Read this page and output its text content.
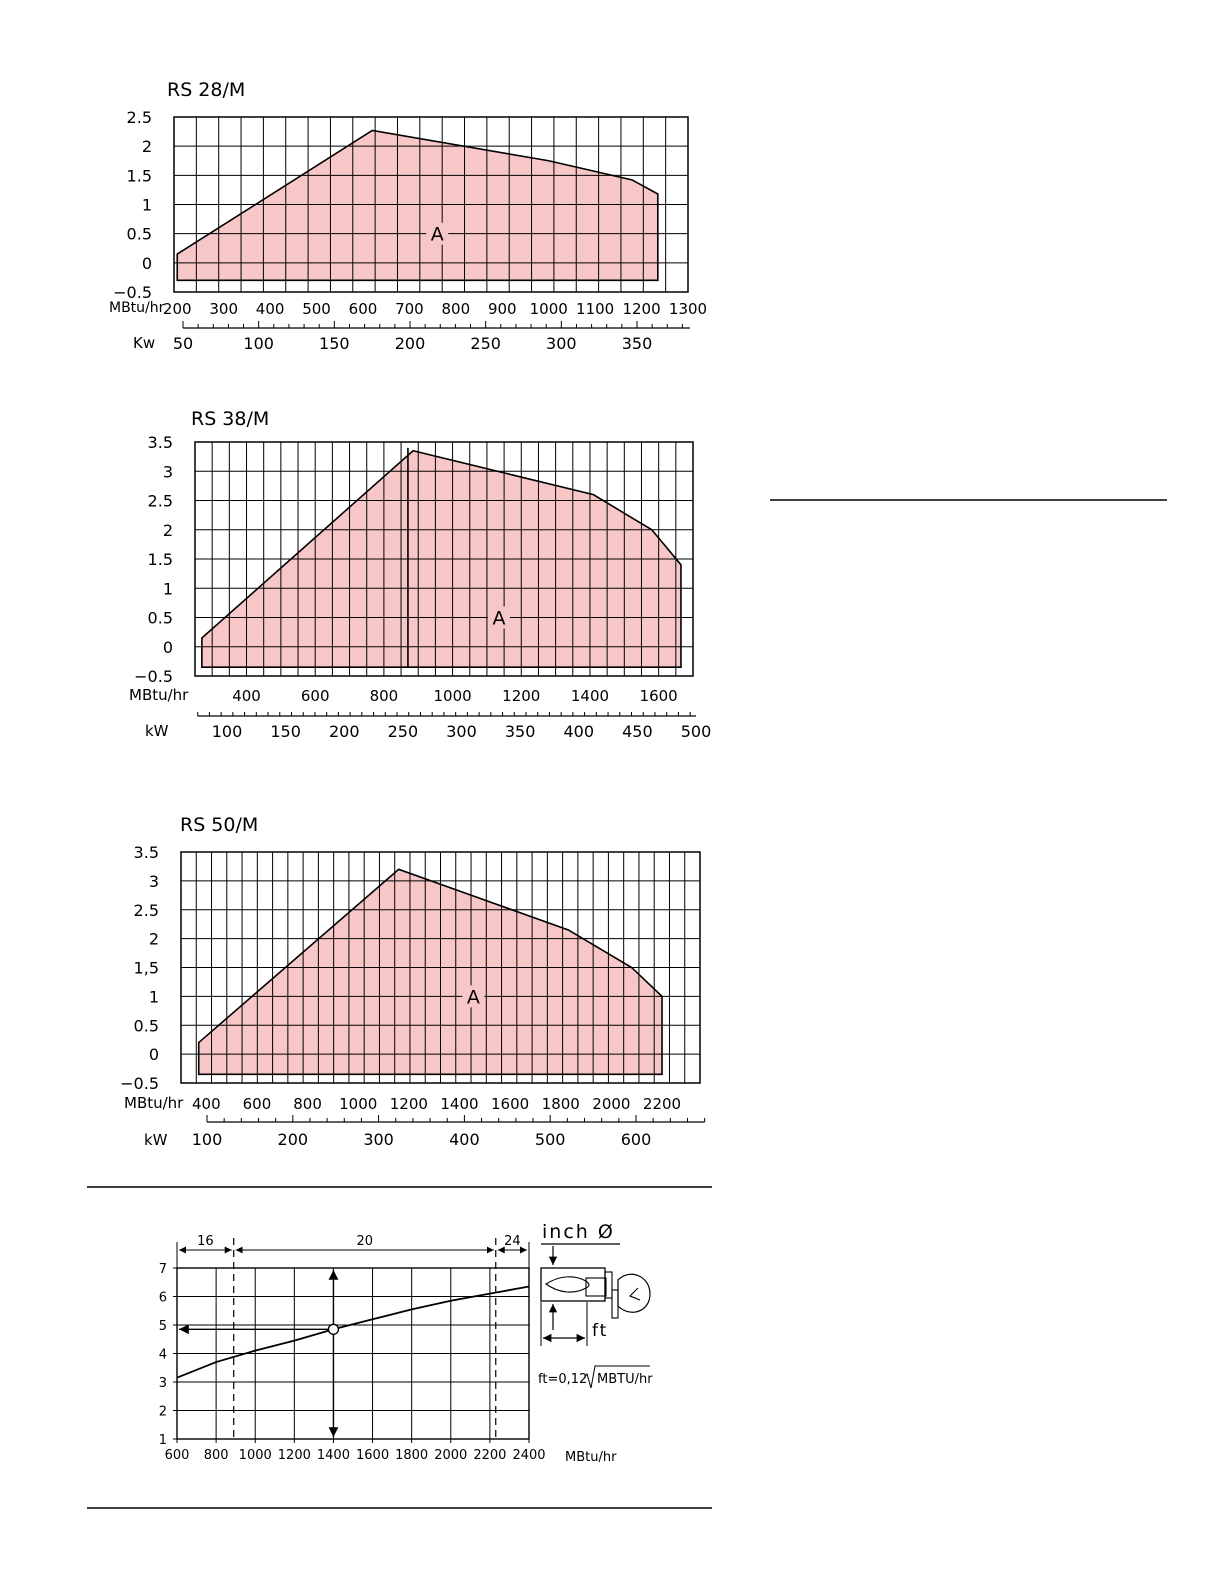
RS 28/M
−0.5
0
0.5
1
1.5
2
2.5
A
200 300 400 500 600 700 800 900 1000 1100 1200 1300
50	100	150	200	250	300	350
MBtu/hr
Kw
RS 38/M
−0.5
0
0.5
1
1.5
2
2.5
3
3.5
A
400	600	800 1000 1200 1400 1600
100 150 200 250 300 350 400 450 500
MBtu/hr
kW
RS 50/M
−0.5
0
0.5
1
1,5
2
2.5
3
3.5
A
400 600 800 1000 1200 1400 1600 1800 2000 2200
100	200	300	400	500	600
MBtu/hr
kW
600 800 1000 1200 1400 1600 1800 2000 2200 2400
1
2
3
4
5
6
7
16	20	24
MBtu/hr
inch Ø
ft
ft=0,12 MBTU/hr
